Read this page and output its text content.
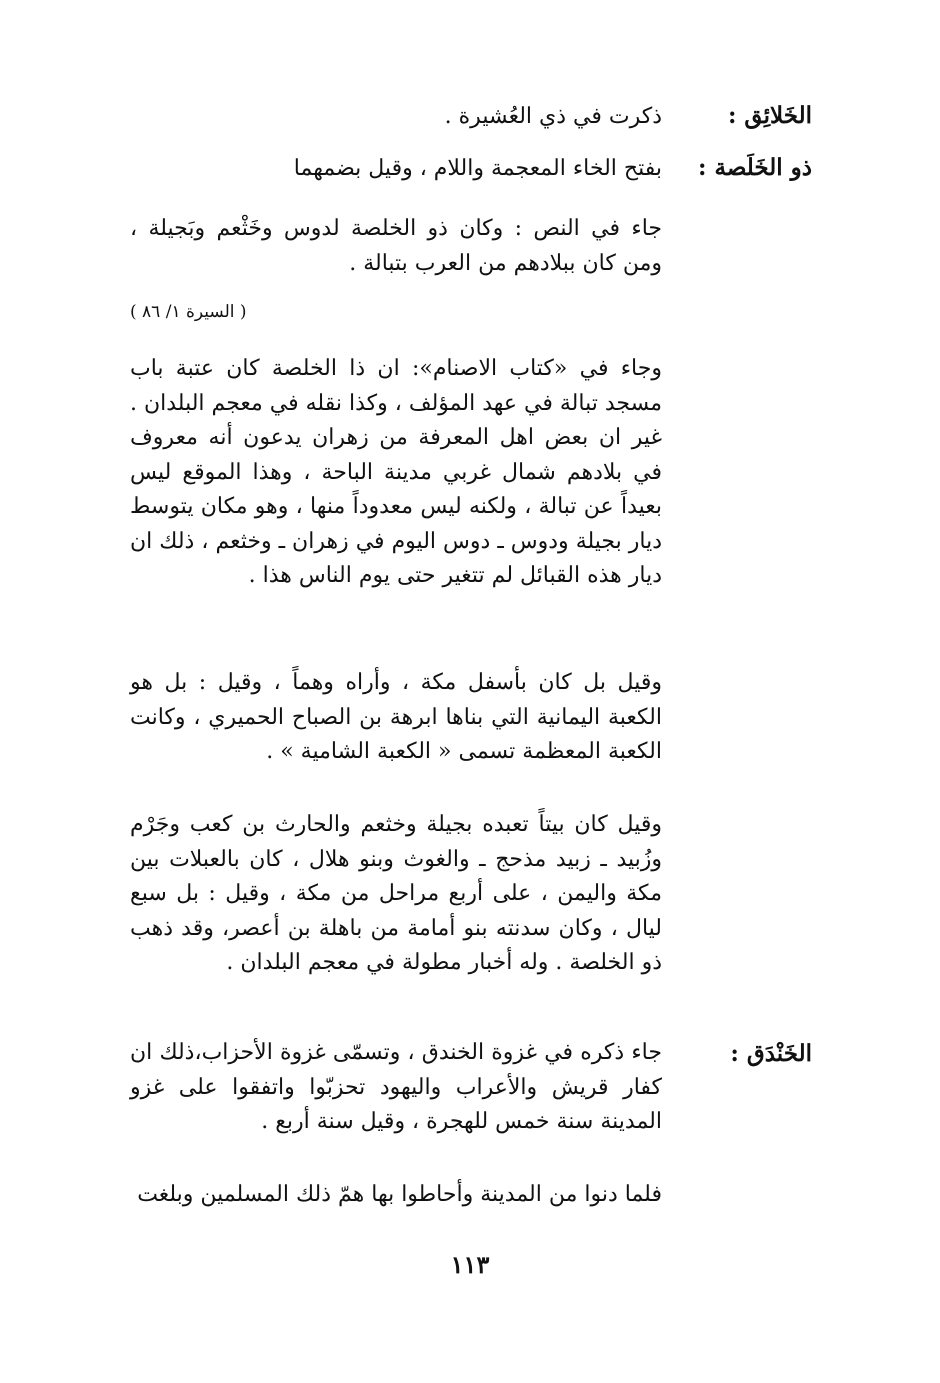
الخَلائِق :
ذكرت في ذي العُشيرة .
ذو الخَلَصة :
بفتح الخاء المعجمة واللام ، وقيل بضمهما

جاء في النص : وكان ذو الخلصة لدوس وخَثْعم وبَجيلة ، ومن كان ببلادهم من العرب بتبالة .

( السيرة ١/ ٨٦ )

وجاء في «كتاب الاصنام»: ان ذا الخلصة كان عتبة باب مسجد تبالة في عهد المؤلف ، وكذا نقله في معجم البلدان . غير ان بعض اهل المعرفة من زهران يدعون أنه معروف في بلادهم شمال غربي مدينة الباحة ، وهذا الموقع ليس بعيداً عن تبالة ، ولكنه ليس معدوداً منها ، وهو مكان يتوسط ديار بجيلة ودوس ـ دوس اليوم في زهران ـ وخثعم ، ذلك ان ديار هذه القبائل لم تتغير حتى يوم الناس هذا .

وقيل بل كان بأسفل مكة ، وأراه وهماً ، وقيل : بل هو الكعبة اليمانية التي بناها ابرهة بن الصباح الحميري ، وكانت الكعبة المعظمة تسمى « الكعبة الشامية » .

وقيل كان بيتاً تعبده بجيلة وخثعم والحارث بن كعب وجَرْم وزُبيد ـ زبيد مذحج ـ والغوث وبنو هلال ، كان بالعبلات بين مكة واليمن ، على أربع مراحل من مكة ، وقيل : بل سبع ليال ، وكان سدنته بنو أمامة من باهلة بن أعصر، وقد ذهب ذو الخلصة . وله أخبار مطولة في معجم البلدان .

الخَنْدَق :

جاء ذكره في غزوة الخندق ، وتسمّى غزوة الأحزاب،ذلك ان كفار قريش والأعراب واليهود تحزبّوا واتفقوا على غزو المدينة سنة خمس للهجرة ، وقيل سنة أربع .

فلما دنوا من المدينة وأحاطوا بها همّ ذلك المسلمين وبلغت

١١٣
